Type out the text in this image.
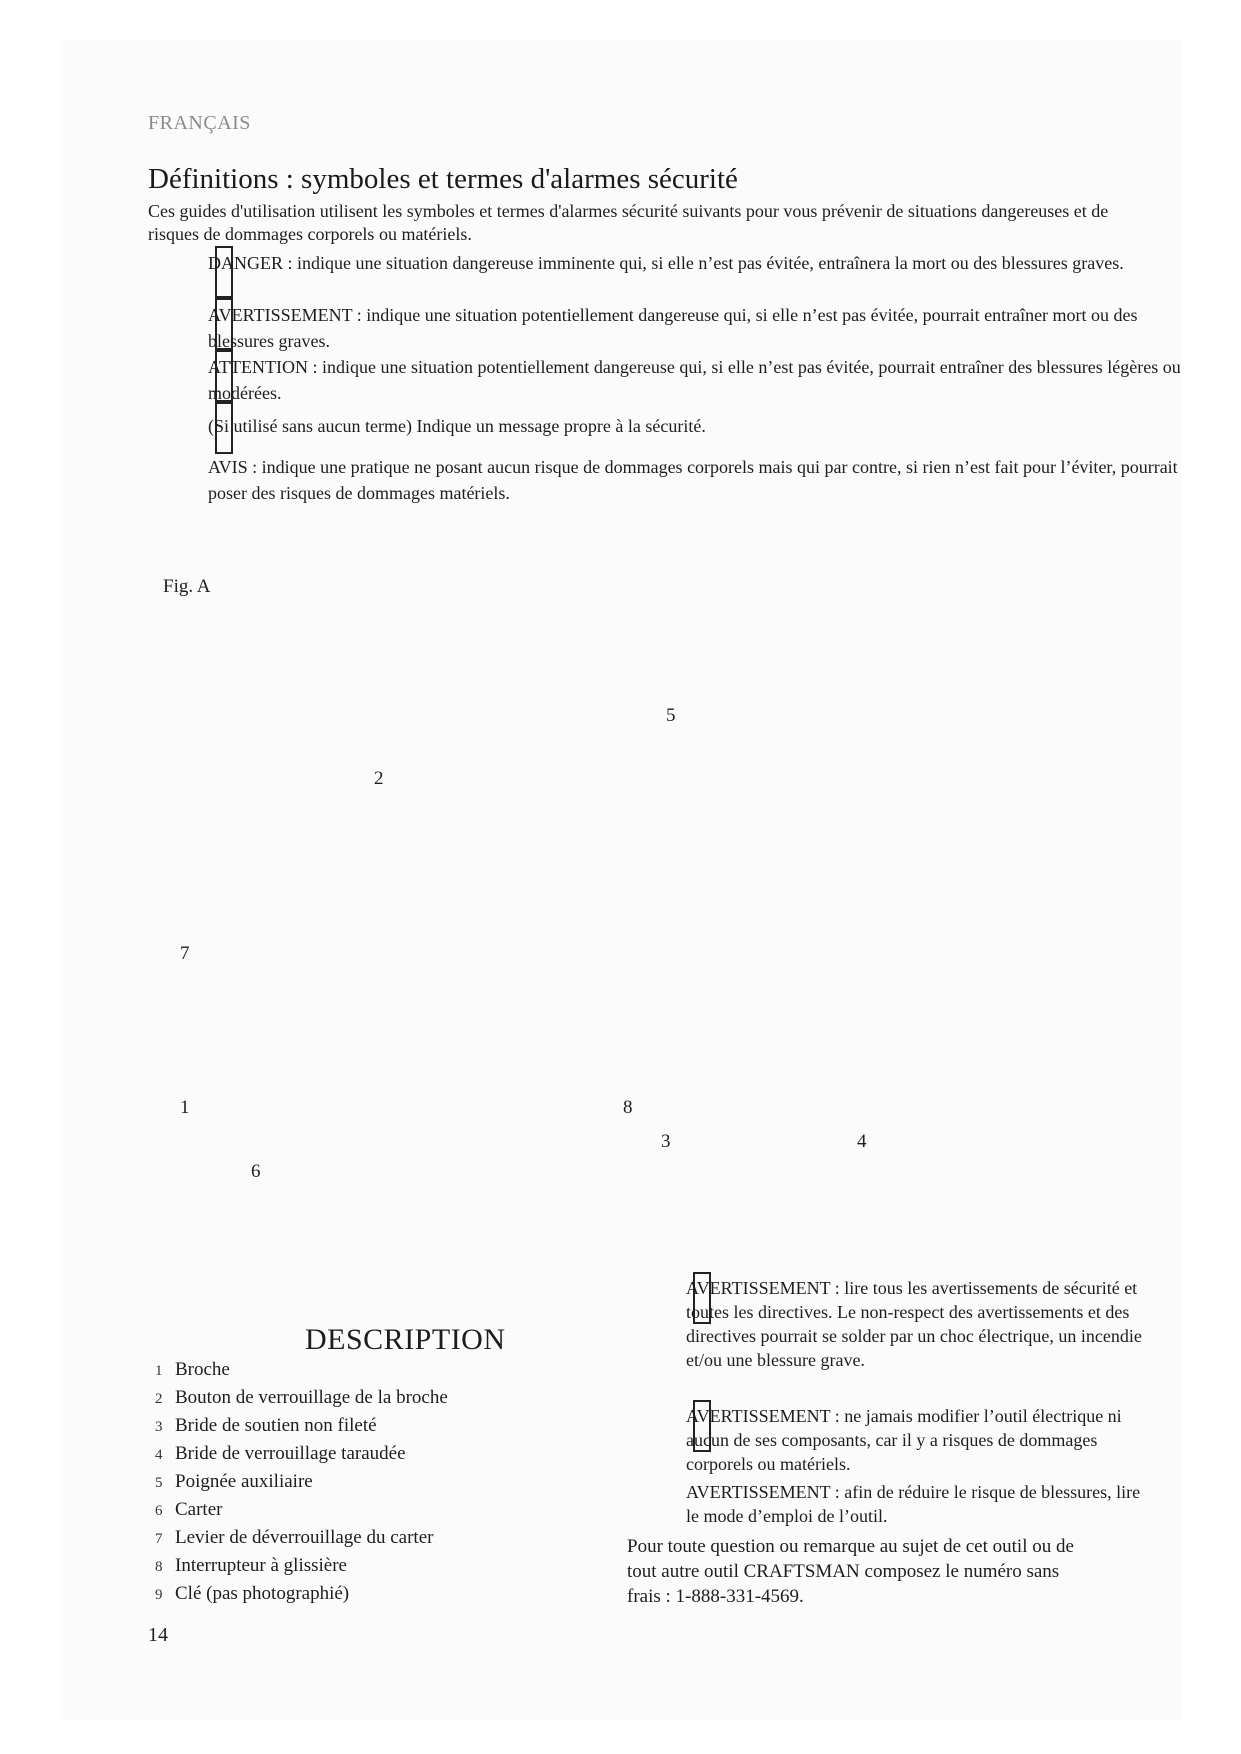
FRANÇAIS
Définitions : symboles et termes d'alarmes sécurité
Ces guides d'utilisation utilisent les symboles et termes d'alarmes sécurité suivants pour vous prévenir de situations dangereuses et de risques de dommages corporels ou matériels.
DANGER : indique une situation dangereuse imminente qui, si elle n’est pas évitée, entraînera la mort ou des blessures graves.
AVERTISSEMENT : indique une situation potentiellement dangereuse qui, si elle n’est pas évitée, pourrait entraîner mort ou des blessures graves.
ATTENTION : indique une situation potentiellement dangereuse qui, si elle n’est pas évitée, pourrait entraîner des blessures légères ou modérées.
(Si utilisé sans aucun terme) Indique un message propre à la sécurité.
AVIS : indique une pratique ne posant aucun risque de dommages corporels mais qui par contre, si rien n’est fait pour l’éviter, pourrait poser des risques de dommages matériels.
Fig. A
5
2
7
1	8
3	4
6
DESCRIPTION
1 Broche
2 Bouton de verrouillage de la broche
3 Bride de soutien non fileté
4 Bride de verrouillage taraudée
5 Poignée auxiliaire
6 Carter
7 Levier de déverrouillage du carter
8 Interrupteur à glissière
9 Clé (pas photographié)
AVERTISSEMENT : lire tous les avertissements de sécurité et toutes les directives. Le non-respect des avertissements et des directives pourrait se solder par un choc électrique, un incendie et/ou une blessure grave.
AVERTISSEMENT : ne jamais modifier l’outil électrique ni aucun de ses composants, car il y a risques de dommages corporels ou matériels.
AVERTISSEMENT : afin de réduire le risque de blessures, lire le mode d’emploi de l’outil.
Pour toute question ou remarque au sujet de cet outil ou de tout autre outil CRAFTSMAN composez le numéro sans frais : 1-888-331-4569.
14
